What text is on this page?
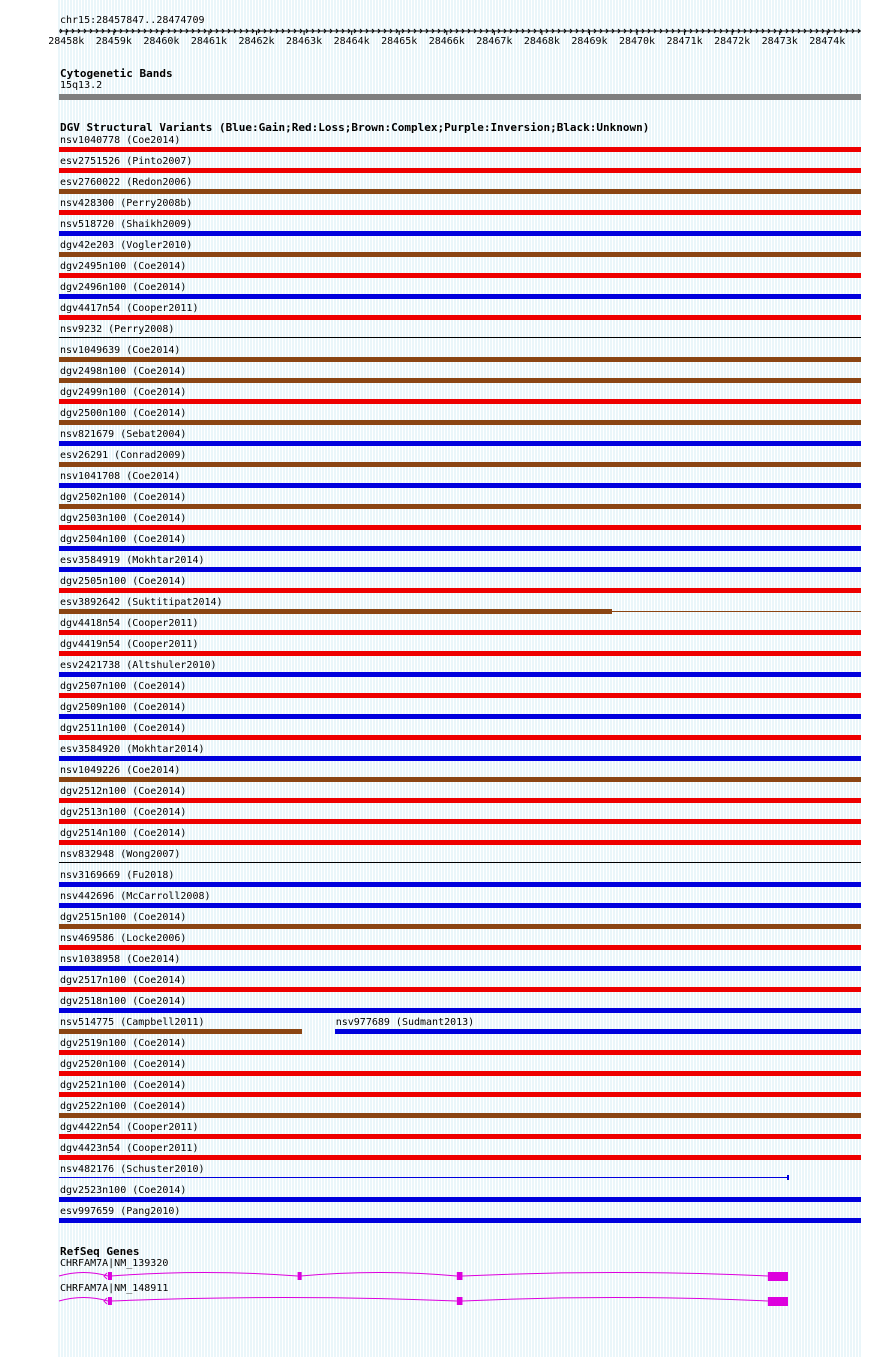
chr15:28457847..28474709
28458k 28459k 28460k 28461k 28462k 28463k 28464k 28465k 28466k 28467k 28468k 28469k 28470k 28471k 28472k 28473k 28474k
Cytogenetic Bands
15q13.2
DGV Structural Variants (Blue:Gain;Red:Loss;Brown:Complex;Purple:Inversion;Black:Unknown)
nsv1040778 (Coe2014)
esv2751526 (Pinto2007)
esv2760022 (Redon2006)
nsv428300 (Perry2008b)
nsv518720 (Shaikh2009)
dgv42e203 (Vogler2010)
dgv2495n100 (Coe2014)
dgv2496n100 (Coe2014)
dgv4417n54 (Cooper2011)
nsv9232 (Perry2008)
nsv1049639 (Coe2014)
dgv2498n100 (Coe2014)
dgv2499n100 (Coe2014)
dgv2500n100 (Coe2014)
nsv821679 (Sebat2004)
esv26291 (Conrad2009)
nsv1041708 (Coe2014)
dgv2502n100 (Coe2014)
dgv2503n100 (Coe2014)
dgv2504n100 (Coe2014)
esv3584919 (Mokhtar2014)
dgv2505n100 (Coe2014)
esv3892642 (Suktitipat2014)
dgv4418n54 (Cooper2011)
dgv4419n54 (Cooper2011)
esv2421738 (Altshuler2010)
dgv2507n100 (Coe2014)
dgv2509n100 (Coe2014)
dgv2511n100 (Coe2014)
esv3584920 (Mokhtar2014)
nsv1049226 (Coe2014)
dgv2512n100 (Coe2014)
dgv2513n100 (Coe2014)
dgv2514n100 (Coe2014)
nsv832948 (Wong2007)
nsv3169669 (Fu2018)
nsv442696 (McCarroll2008)
dgv2515n100 (Coe2014)
nsv469586 (Locke2006)
nsv1038958 (Coe2014)
dgv2517n100 (Coe2014)
dgv2518n100 (Coe2014)
nsv514775 (Campbell2011)	nsv977689 (Sudmant2013)
dgv2519n100 (Coe2014)
dgv2520n100 (Coe2014)
dgv2521n100 (Coe2014)
dgv2522n100 (Coe2014)
dgv4422n54 (Cooper2011)
dgv4423n54 (Cooper2011)
nsv482176 (Schuster2010)
dgv2523n100 (Coe2014)
esv997659 (Pang2010)
RefSeq Genes
CHRFAM7A|NM_139320
CHRFAM7A|NM_148911
